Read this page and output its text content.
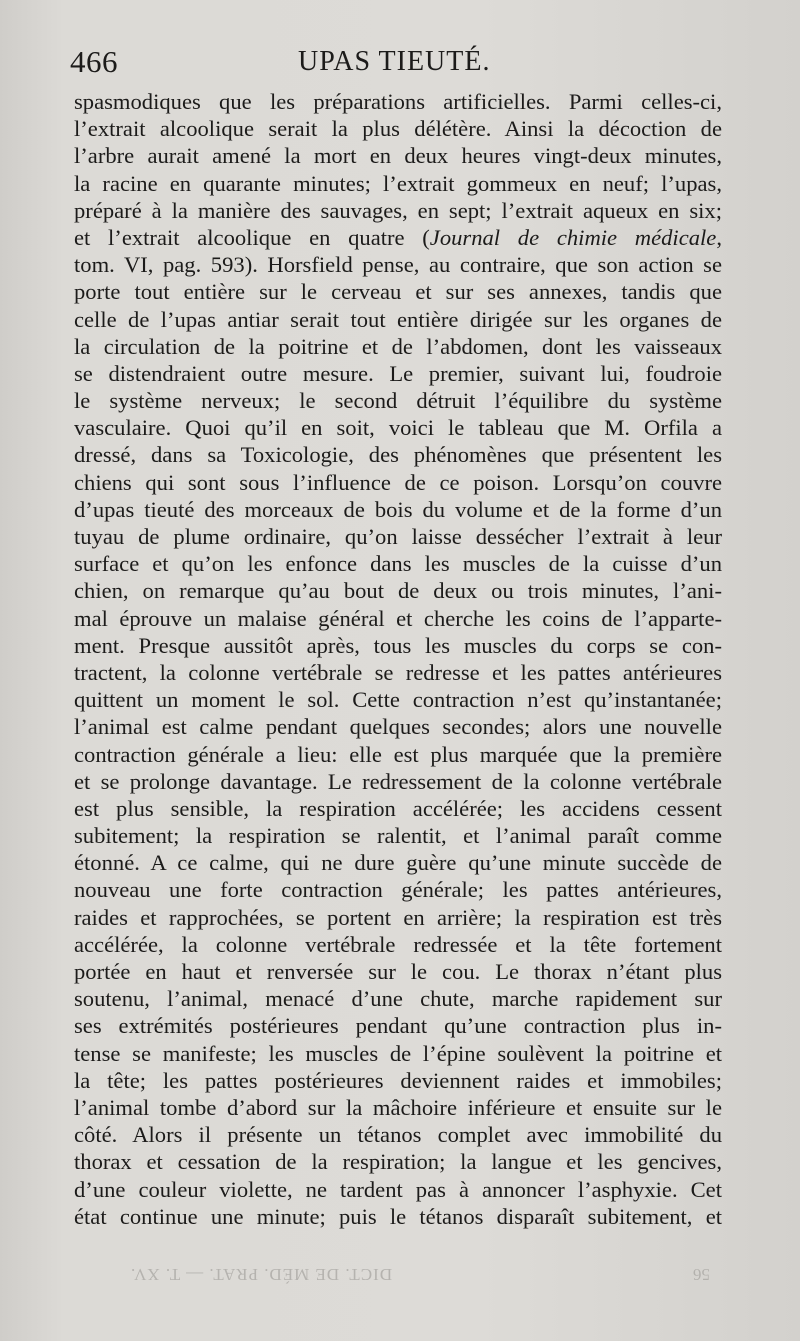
466	UPAS TIEUTÉ.
spasmodiques que les préparations artificielles. Parmi celles-ci,
l’extrait alcoolique serait la plus délétère. Ainsi la décoction de
l’arbre aurait amené la mort en deux heures vingt-deux minutes,
la racine en quarante minutes; l’extrait gommeux en neuf; l’upas,
préparé à la manière des sauvages, en sept; l’extrait aqueux en six;
et l’extrait alcoolique en quatre (Journal de chimie médicale,
tom. VI, pag. 593). Horsfield pense, au contraire, que son action se
porte tout entière sur le cerveau et sur ses annexes, tandis que
celle de l’upas antiar serait tout entière dirigée sur les organes de
la circulation de la poitrine et de l’abdomen, dont les vaisseaux
se distendraient outre mesure. Le premier, suivant lui, foudroie
le système nerveux; le second détruit l’équilibre du système
vasculaire. Quoi qu’il en soit, voici le tableau que M. Orfila a
dressé, dans sa Toxicologie, des phénomènes que présentent les
chiens qui sont sous l’influence de ce poison. Lorsqu’on couvre
d’upas tieuté des morceaux de bois du volume et de la forme d’un
tuyau de plume ordinaire, qu’on laisse dessécher l’extrait à leur
surface et qu’on les enfonce dans les muscles de la cuisse d’un
chien, on remarque qu’au bout de deux ou trois minutes, l’ani-
mal éprouve un malaise général et cherche les coins de l’apparte-
ment. Presque aussitôt après, tous les muscles du corps se con-
tractent, la colonne vertébrale se redresse et les pattes antérieures
quittent un moment le sol. Cette contraction n’est qu’instantanée;
l’animal est calme pendant quelques secondes; alors une nouvelle
contraction générale a lieu: elle est plus marquée que la première
et se prolonge davantage. Le redressement de la colonne vertébrale
est plus sensible, la respiration accélérée; les accidens cessent
subitement; la respiration se ralentit, et l’animal paraît comme
étonné. A ce calme, qui ne dure guère qu’une minute succède de
nouveau une forte contraction générale; les pattes antérieures,
raides et rapprochées, se portent en arrière; la respiration est très
accélérée, la colonne vertébrale redressée et la tête fortement
portée en haut et renversée sur le cou. Le thorax n’étant plus
soutenu, l’animal, menacé d’une chute, marche rapidement sur
ses extrémités postérieures pendant qu’une contraction plus in-
tense se manifeste; les muscles de l’épine soulèvent la poitrine et
la tête; les pattes postérieures deviennent raides et immobiles;
l’animal tombe d’abord sur la mâchoire inférieure et ensuite sur le
côté. Alors il présente un tétanos complet avec immobilité du
thorax et cessation de la respiration; la langue et les gencives,
d’une couleur violette, ne tardent pas à annoncer l’asphyxie. Cet
état continue une minute; puis le tétanos disparaît subitement, et
56
DICT. DE MÉD. PRAT. — T. XV.
